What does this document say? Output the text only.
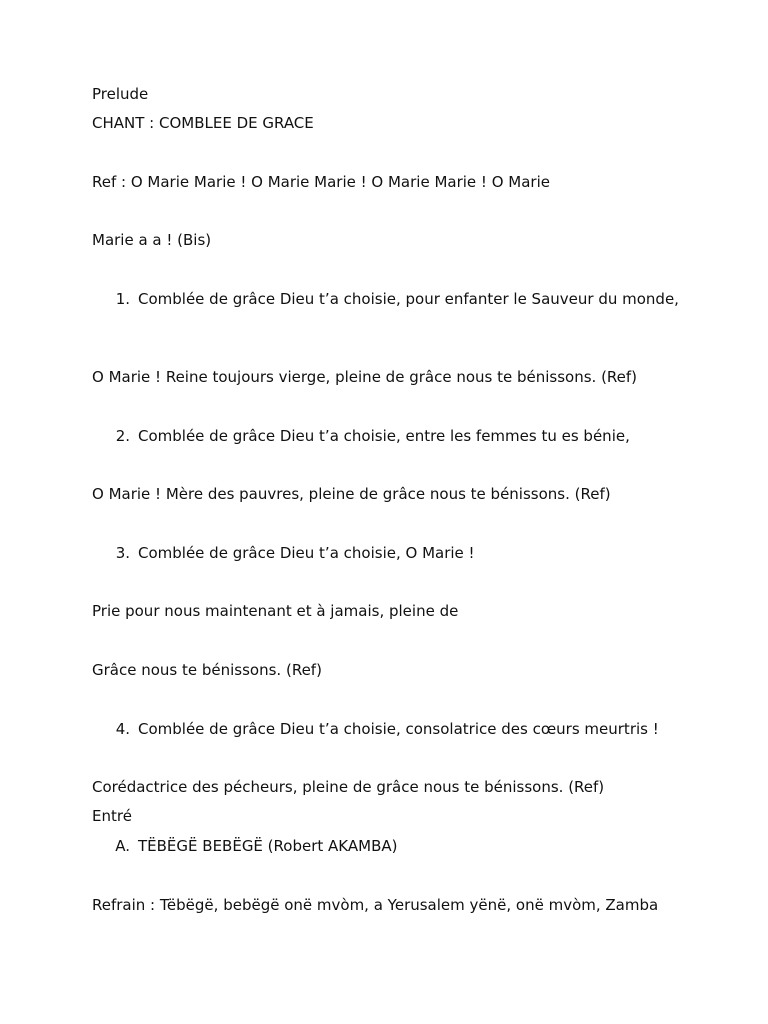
Prelude
CHANT : COMBLEE DE GRACE
Ref : O Marie Marie ! O Marie Marie ! O Marie Marie ! O Marie
Marie a a ! (Bis)
1. Comblée de grâce Dieu t’a choisie, pour enfanter le Sauveur du monde,
O Marie ! Reine toujours vierge, pleine de grâce nous te bénissons. (Ref)
2. Comblée de grâce Dieu t’a choisie, entre les femmes tu es bénie,
O Marie ! Mère des pauvres, pleine de grâce nous te bénissons. (Ref)
3. Comblée de grâce Dieu t’a choisie, O Marie !
Prie pour nous maintenant et à jamais, pleine de
Grâce nous te bénissons. (Ref)
4. Comblée de grâce Dieu t’a choisie, consolatrice des cœurs meurtris !
Corédactrice des pécheurs, pleine de grâce nous te bénissons. (Ref)
Entré
A. TËBËGË BEBËGË (Robert AKAMBA)
Refrain : Tëbëgë, bebëgë onë mvòm, a Yerusalem yënë, onë mvòm, Zamba
